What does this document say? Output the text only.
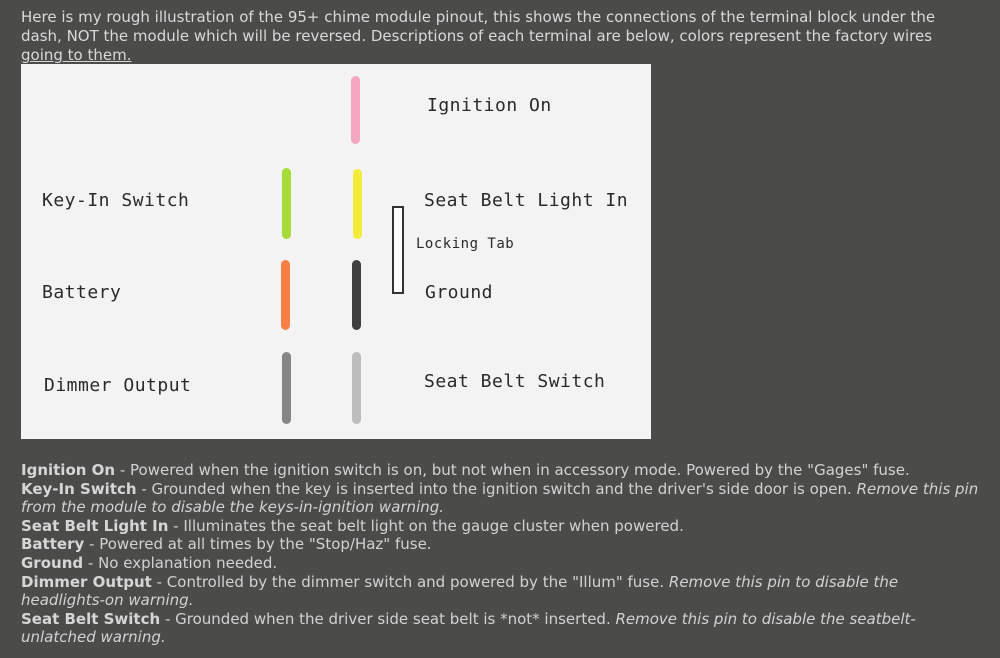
Here is my rough illustration of the 95+ chime module pinout, this shows the connections of the terminal block under the
dash, NOT the module which will be reversed. Descriptions of each terminal are below, colors represent the factory wires
going to them.

Ignition On
Key-In Switch	Seat Belt Light In
Locking Tab
Battery	Ground
Dimmer Output	Seat Belt Switch

Ignition On - Powered when the ignition switch is on, but not when in accessory mode. Powered by the "Gages" fuse.

Key-In Switch - Grounded when the key is inserted into the ignition switch and the driver's side door is open. Remove this pin from the module to disable the keys-in-ignition warning.

Seat Belt Light In - Illuminates the seat belt light on the gauge cluster when powered.

Battery - Powered at all times by the "Stop/Haz" fuse.

Ground - No explanation needed.

Dimmer Output - Controlled by the dimmer switch and powered by the "Illum" fuse. Remove this pin to disable the headlights-on warning.

Seat Belt Switch - Grounded when the driver side seat belt is *not* inserted. Remove this pin to disable the seatbelt-unlatched warning.
